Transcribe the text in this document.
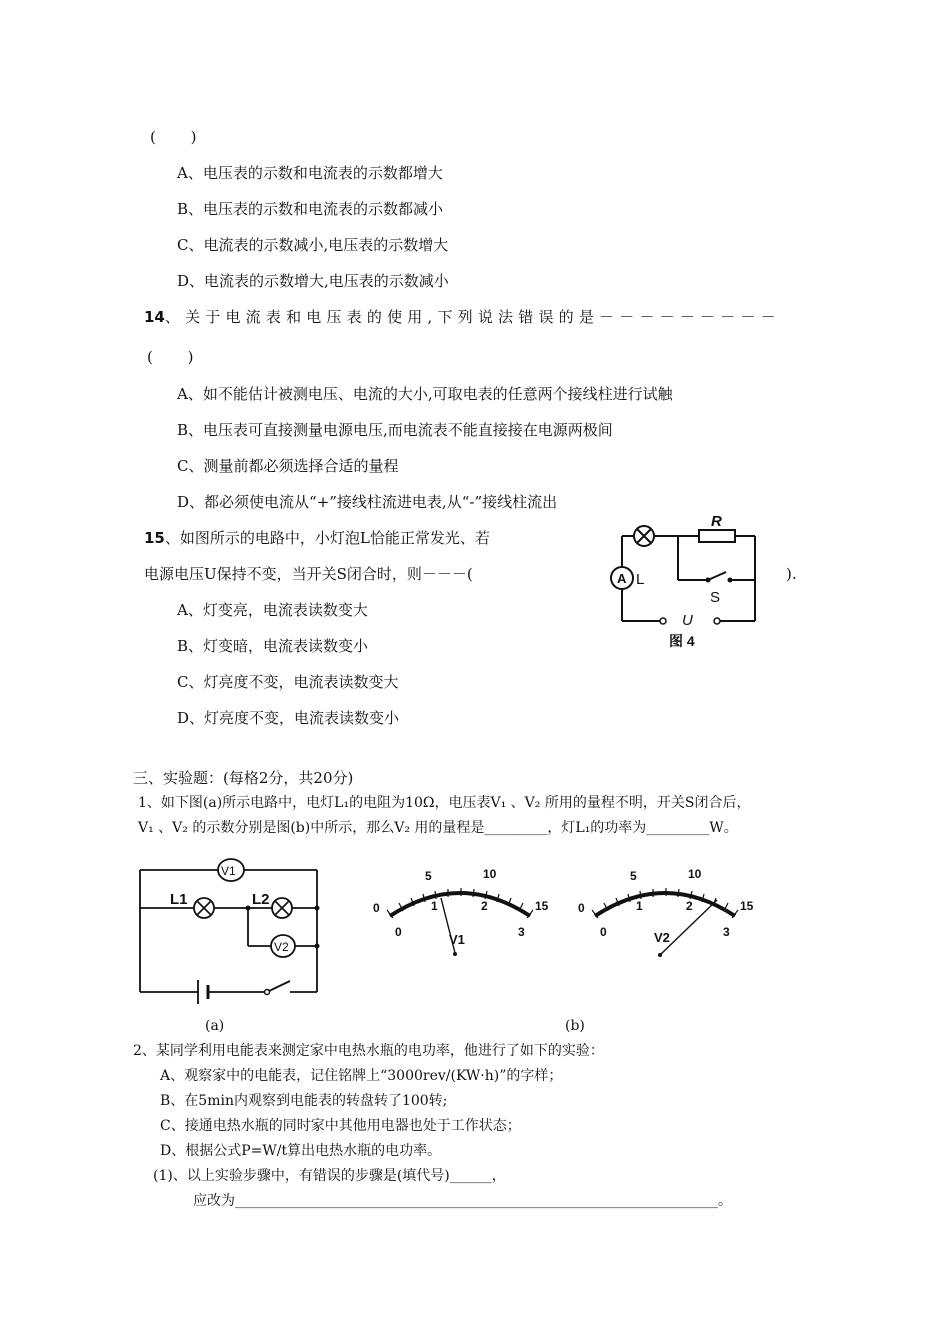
(　　 )
A、电压表的示数和电流表的示数都增大
B、电压表的示数和电流表的示数都减小
C、电流表的示数减小,电压表的示数增大
D、电流表的示数增大,电压表的示数减小
14、关于电流表和电压表的使用,下列说法错误的是－－－－－－－－－
(　　 )
A、如不能估计被测电压、电流的大小,可取电表的任意两个接线柱进行试触
B、电压表可直接测量电源电压,而电流表不能直接接在电源两极间
C、测量前都必须选择合适的量程
D、都必须使电流从“+”接线柱流进电表,从“-”接线柱流出
15、如图所示的电路中，小灯泡L恰能正常发光、若
电源电压U保持不变，当开关S闭合时，则－－－(	).
A、灯变亮，电流表读数变大
B、灯变暗，电流表读数变小
C、灯亮度不变，电流表读数变大
D、灯亮度不变，电流表读数变小
R
A L
S
U
图 4
三、实验题：(每格2分，共20分)
1、如下图(a)所示电路中，电灯L₁的电阻为10Ω，电压表V₁ 、V₂ 所用的量程不明，开关S闭合后，
V₁ 、V₂ 的示数分别是图(b)中所示，那么V₂ 用的量程是_________，灯L₁的功率为_________W。
V1
L1	L2
V2
(a)
0
5	10
15
0
1	2
3
V1
0
5	10
15
0
1	2
3
V2
(b)
2、某同学利用电能表来测定家中电热水瓶的电功率，他进行了如下的实验：
A、观察家中的电能表，记住铭牌上“3000rev/(KW·h)”的字样；
B、在5min内观察到电能表的转盘转了100转;
C、接通电热水瓶的同时家中其他用电器也处于工作状态；
D、根据公式P=W/t算出电热水瓶的电功率。
(1)、以上实验步骤中，有错误的步骤是(填代号)______，
应改为_____________________________________________________________________。
